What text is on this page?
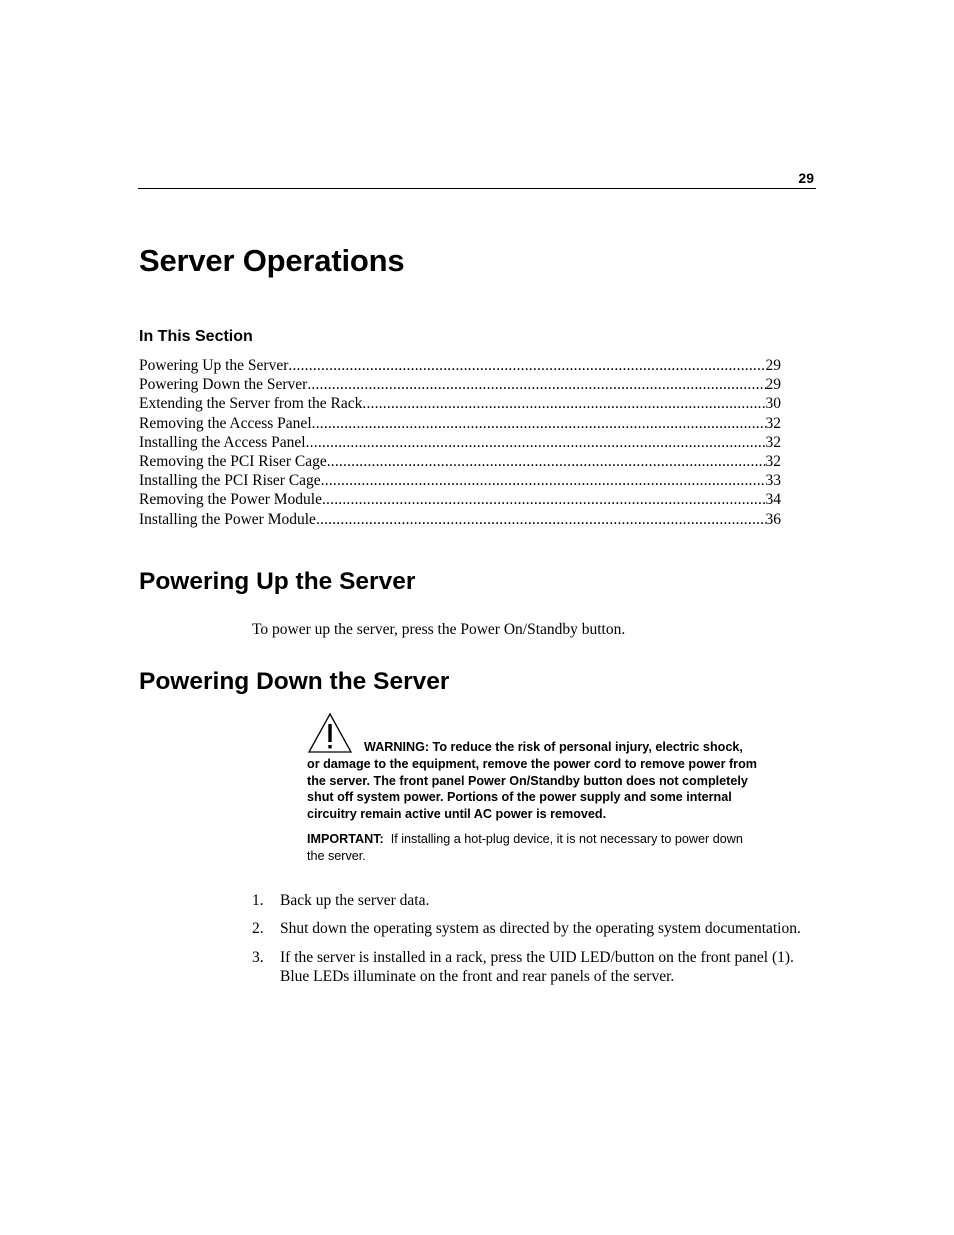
29
Server Operations
In This Section
Powering Up the Server .....	29
Powering Down the Server .....	29
Extending the Server from the Rack .....	30
Removing the Access Panel .....	32
Installing the Access Panel .....	32
Removing the PCI Riser Cage .....	32
Installing the PCI Riser Cage .....	33
Removing the Power Module .....	34
Installing the Power Module .....	36
Powering Up the Server
To power up the server, press the Power On/Standby button.
Powering Down the Server

WARNING: To reduce the risk of personal injury, electric shock, or damage to the equipment, remove the power cord to remove power from the server. The front panel Power On/Standby button does not completely shut off system power. Portions of the power supply and some internal circuitry remain active until AC power is removed.

IMPORTANT: If installing a hot-plug device, it is not necessary to power down the server.

1. Back up the server data.
2. Shut down the operating system as directed by the operating system documentation.
3. If the server is installed in a rack, press the UID LED/button on the front panel (1). Blue LEDs illuminate on the front and rear panels of the server.
